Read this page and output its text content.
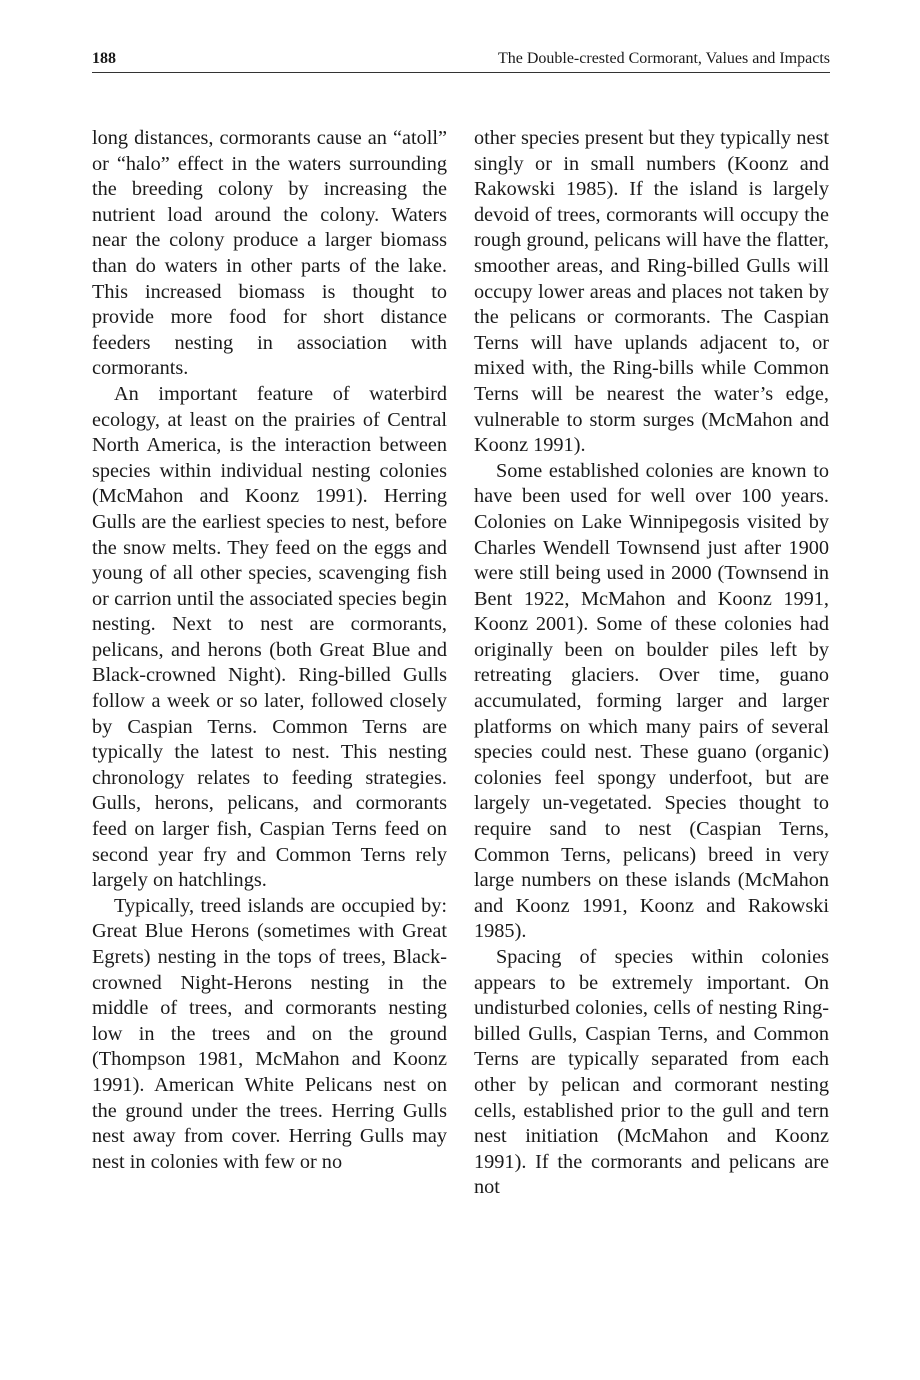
188	The Double-crested Cormorant, Values and Impacts

long distances, cormorants cause an “atoll” or “halo” effect in the waters surrounding the breeding colony by increasing the nutrient load around the colony. Waters near the colony produce a larger biomass than do waters in other parts of the lake. This increased biomass is thought to provide more food for short distance feeders nesting in association with cormorants.

An important feature of waterbird ecology, at least on the prairies of Central North America, is the interaction between species within individual nesting colonies (McMahon and Koonz 1991). Herring Gulls are the earliest species to nest, before the snow melts. They feed on the eggs and young of all other species, scavenging fish or carrion until the associated species begin nesting. Next to nest are cormorants, pelicans, and herons (both Great Blue and Black-crowned Night). Ring-billed Gulls follow a week or so later, followed closely by Caspian Terns. Common Terns are typically the latest to nest. This nesting chronology relates to feeding strategies. Gulls, herons, pelicans, and cormorants feed on larger fish, Caspian Terns feed on second year fry and Common Terns rely largely on hatchlings.

Typically, treed islands are occupied by: Great Blue Herons (sometimes with Great Egrets) nesting in the tops of trees, Black-crowned Night-Herons nesting in the middle of trees, and cormorants nesting low in the trees and on the ground (Thompson 1981, McMahon and Koonz 1991). American White Pelicans nest on the ground under the trees. Herring Gulls nest away from cover. Herring Gulls may nest in colonies with few or no

other species present but they typically nest singly or in small numbers (Koonz and Rakowski 1985). If the island is largely devoid of trees, cormorants will occupy the rough ground, pelicans will have the flatter, smoother areas, and Ring-billed Gulls will occupy lower areas and places not taken by the pelicans or cormorants. The Caspian Terns will have uplands adjacent to, or mixed with, the Ring-bills while Common Terns will be nearest the water’s edge, vulnerable to storm surges (McMahon and Koonz 1991).

Some established colonies are known to have been used for well over 100 years. Colonies on Lake Winnipegosis visited by Charles Wendell Townsend just after 1900 were still being used in 2000 (Townsend in Bent 1922, McMahon and Koonz 1991, Koonz 2001). Some of these colonies had originally been on boulder piles left by retreating glaciers. Over time, guano accumulated, forming larger and larger platforms on which many pairs of several species could nest. These guano (organic) colonies feel spongy underfoot, but are largely un-vegetated. Species thought to require sand to nest (Caspian Terns, Common Terns, pelicans) breed in very large numbers on these islands (McMahon and Koonz 1991, Koonz and Rakowski 1985).

Spacing of species within colonies appears to be extremely important. On undisturbed colonies, cells of nesting Ring-billed Gulls, Caspian Terns, and Common Terns are typically separated from each other by pelican and cormorant nesting cells, established prior to the gull and tern nest initiation (McMahon and Koonz 1991). If the cormorants and pelicans are not
